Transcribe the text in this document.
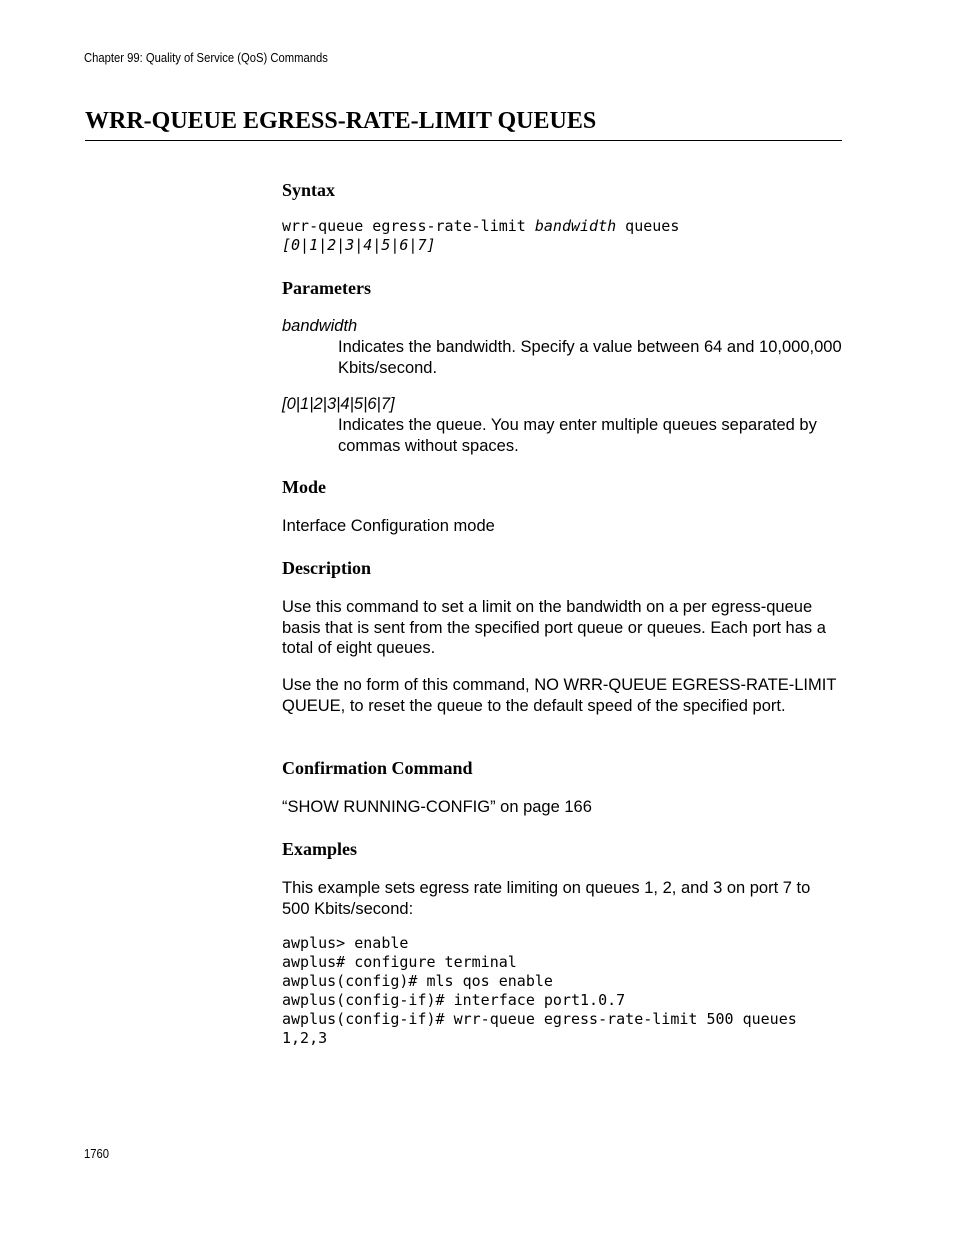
Chapter 99: Quality of Service (QoS) Commands
WRR-QUEUE EGRESS-RATE-LIMIT QUEUES
Syntax
wrr-queue egress-rate-limit bandwidth queues
[0|1|2|3|4|5|6|7]
Parameters
bandwidth
Indicates the bandwidth. Specify a value between 64 and 10,000,000 Kbits/second.
[0|1|2|3|4|5|6|7]
Indicates the queue. You may enter multiple queues separated by commas without spaces.
Mode
Interface Configuration mode
Description
Use this command to set a limit on the bandwidth on a per egress-queue basis that is sent from the specified port queue or queues. Each port has a total of eight queues.
Use the no form of this command, NO WRR-QUEUE EGRESS-RATE-LIMIT QUEUE, to reset the queue to the default speed of the specified port.
Confirmation Command
“SHOW RUNNING-CONFIG” on page 166
Examples
This example sets egress rate limiting on queues 1, 2, and 3 on port 7 to 500 Kbits/second:
awplus> enable
awplus# configure terminal
awplus(config)# mls qos enable
awplus(config-if)# interface port1.0.7
awplus(config-if)# wrr-queue egress-rate-limit 500 queues
1,2,3
1760
